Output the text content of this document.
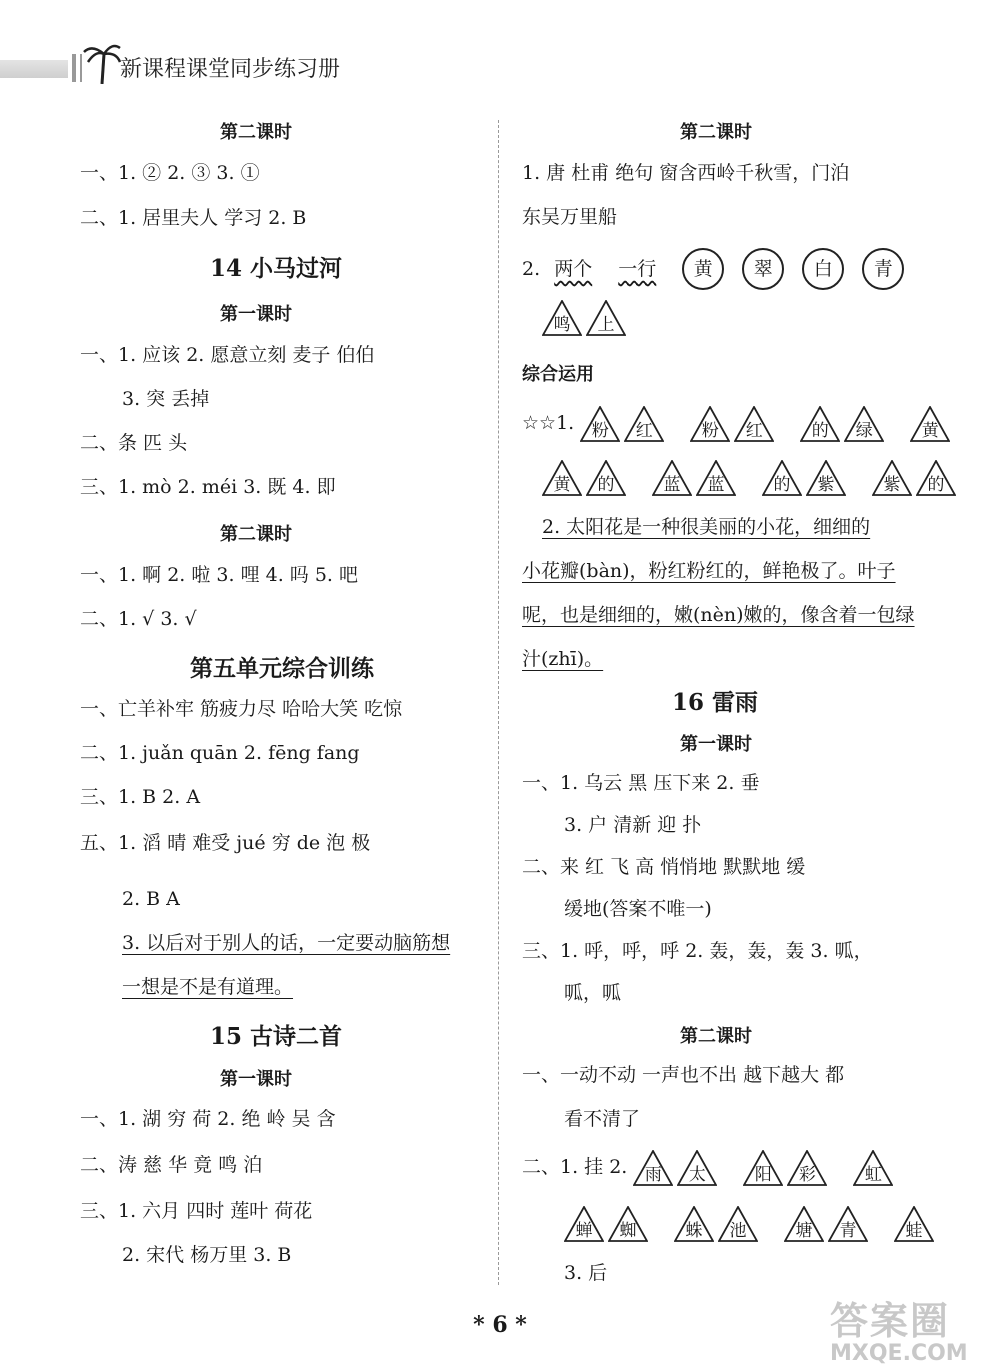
新课程课堂同步练习册
第二课时
一、1. ② 2. ③ 3. ①
二、1. 居里夫人 学习 2. B
14 小马过河
第一课时
一、1. 应该 2. 愿意立刻 麦子 伯伯
3. 突 丢掉
二、条 匹 头
三、1. mò 2. méi 3. 既 4. 即
第二课时
一、1. 啊 2. 啦 3. 哩 4. 吗 5. 吧
二、1. √ 3. √
第五单元综合训练
一、亡羊补牢 筋疲力尽 哈哈大笑 吃惊
二、1. juǎn quān 2. fēng fang
三、1. B 2. A
五、1. 滔 晴 难受 jué 穷 de 泡 极
2. B A
3. 以后对于别人的话，一定要动脑筋想
一想是不是有道理。
15 古诗二首
第一课时
一、1. 湖 穷 荷 2. 绝 岭 吴 含
二、涛 慈 华 竟 鸣 泊
三、1. 六月 四时 莲叶 荷花
2. 宋代 杨万里 3. B
第二课时
1. 唐 杜甫 绝句 窗含西岭千秋雪，门泊
东吴万里船
2. 两个 一行 黄 翠 白 青
鸣	上
综合运用
☆☆1.	粉	红	粉	红	的	绿	黄
黄	的	蓝	蓝	的	紫	紫	的
2. 太阳花是一种很美丽的小花，细细的
小花瓣(bàn)，粉红粉红的，鲜艳极了。叶子
呢，也是细细的，嫩(nèn)嫩的，像含着一包绿
汁(zhī)。
16 雷雨
第一课时
一、1. 乌云 黑 压下来 2. 垂
3. 户 清新 迎 扑
二、来 红 飞 高 悄悄地 默默地 缓
缓地(答案不唯一)
三、1. 呼，呼，呼 2. 轰，轰，轰 3. 呱，
呱，呱
第二课时
一、一动不动 一声也不出 越下越大 都
看不清了
二、1. 挂 2.	雨	太	阳	彩	虹
蝉	蜘	蛛	池	塘	青	蛙
3. 后
* 6 *	答案圈
MXQE.COM
